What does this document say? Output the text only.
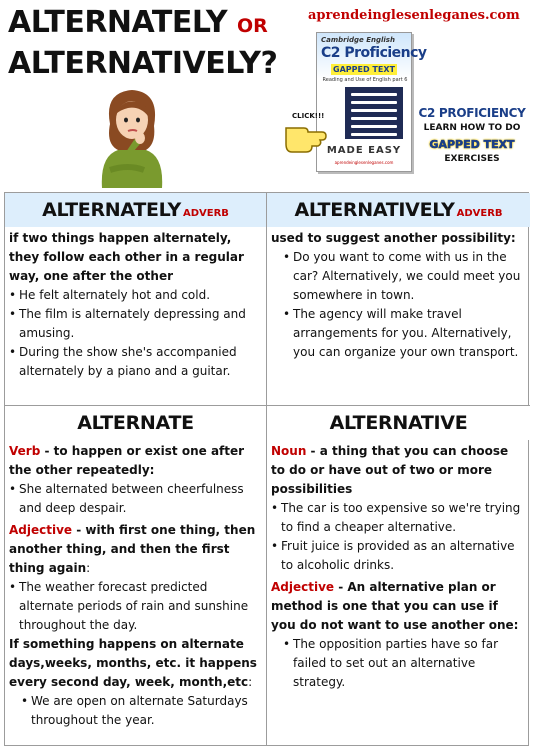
ALTERNATELY OR
ALTERNATIVELY?
aprendeinglesenleganes.com
Cambridge English
C2 Proficiency
GAPPED TEXT
Reading and Use of English part 6
MADE EASY
aprendeinglesenleganes.com
CLICK!!!	C2 PROFICIENCY
LEARN HOW TO DO
GAPPED TEXT
EXERCISES
ALTERNATELY ADVERB
if two things happen alternately, they follow each other in a regular way, one after the other
• He felt alternately hot and cold.
• The film is alternately depressing and amusing.
• During the show she's accompanied alternately by a piano and a guitar.
ALTERNATIVELY ADVERB
used to suggest another possibility:
• Do you want to come with us in the car? Alternatively, we could meet you somewhere in town.
• The agency will make travel arrangements for you. Alternatively, you can organize your own transport.
ALTERNATE
Verb - to happen or exist one after the other repeatedly:
• She alternated between cheerfulness and deep despair.
Adjective - with first one thing, then another thing, and then the first thing again:
• The weather forecast predicted alternate periods of rain and sunshine throughout the day.
If something happens on alternate days,weeks, months, etc. it happens every second day, week, month,etc:
• We are open on alternate Saturdays throughout the year.
ALTERNATIVE
Noun - a thing that you can choose to do or have out of two or more possibilities
• The car is too expensive so we're trying to find a cheaper alternative.
• Fruit juice is provided as an alternative to alcoholic drinks.
Adjective - An alternative plan or method is one that you can use if you do not want to use another one:
• The opposition parties have so far failed to set out an alternative strategy.
